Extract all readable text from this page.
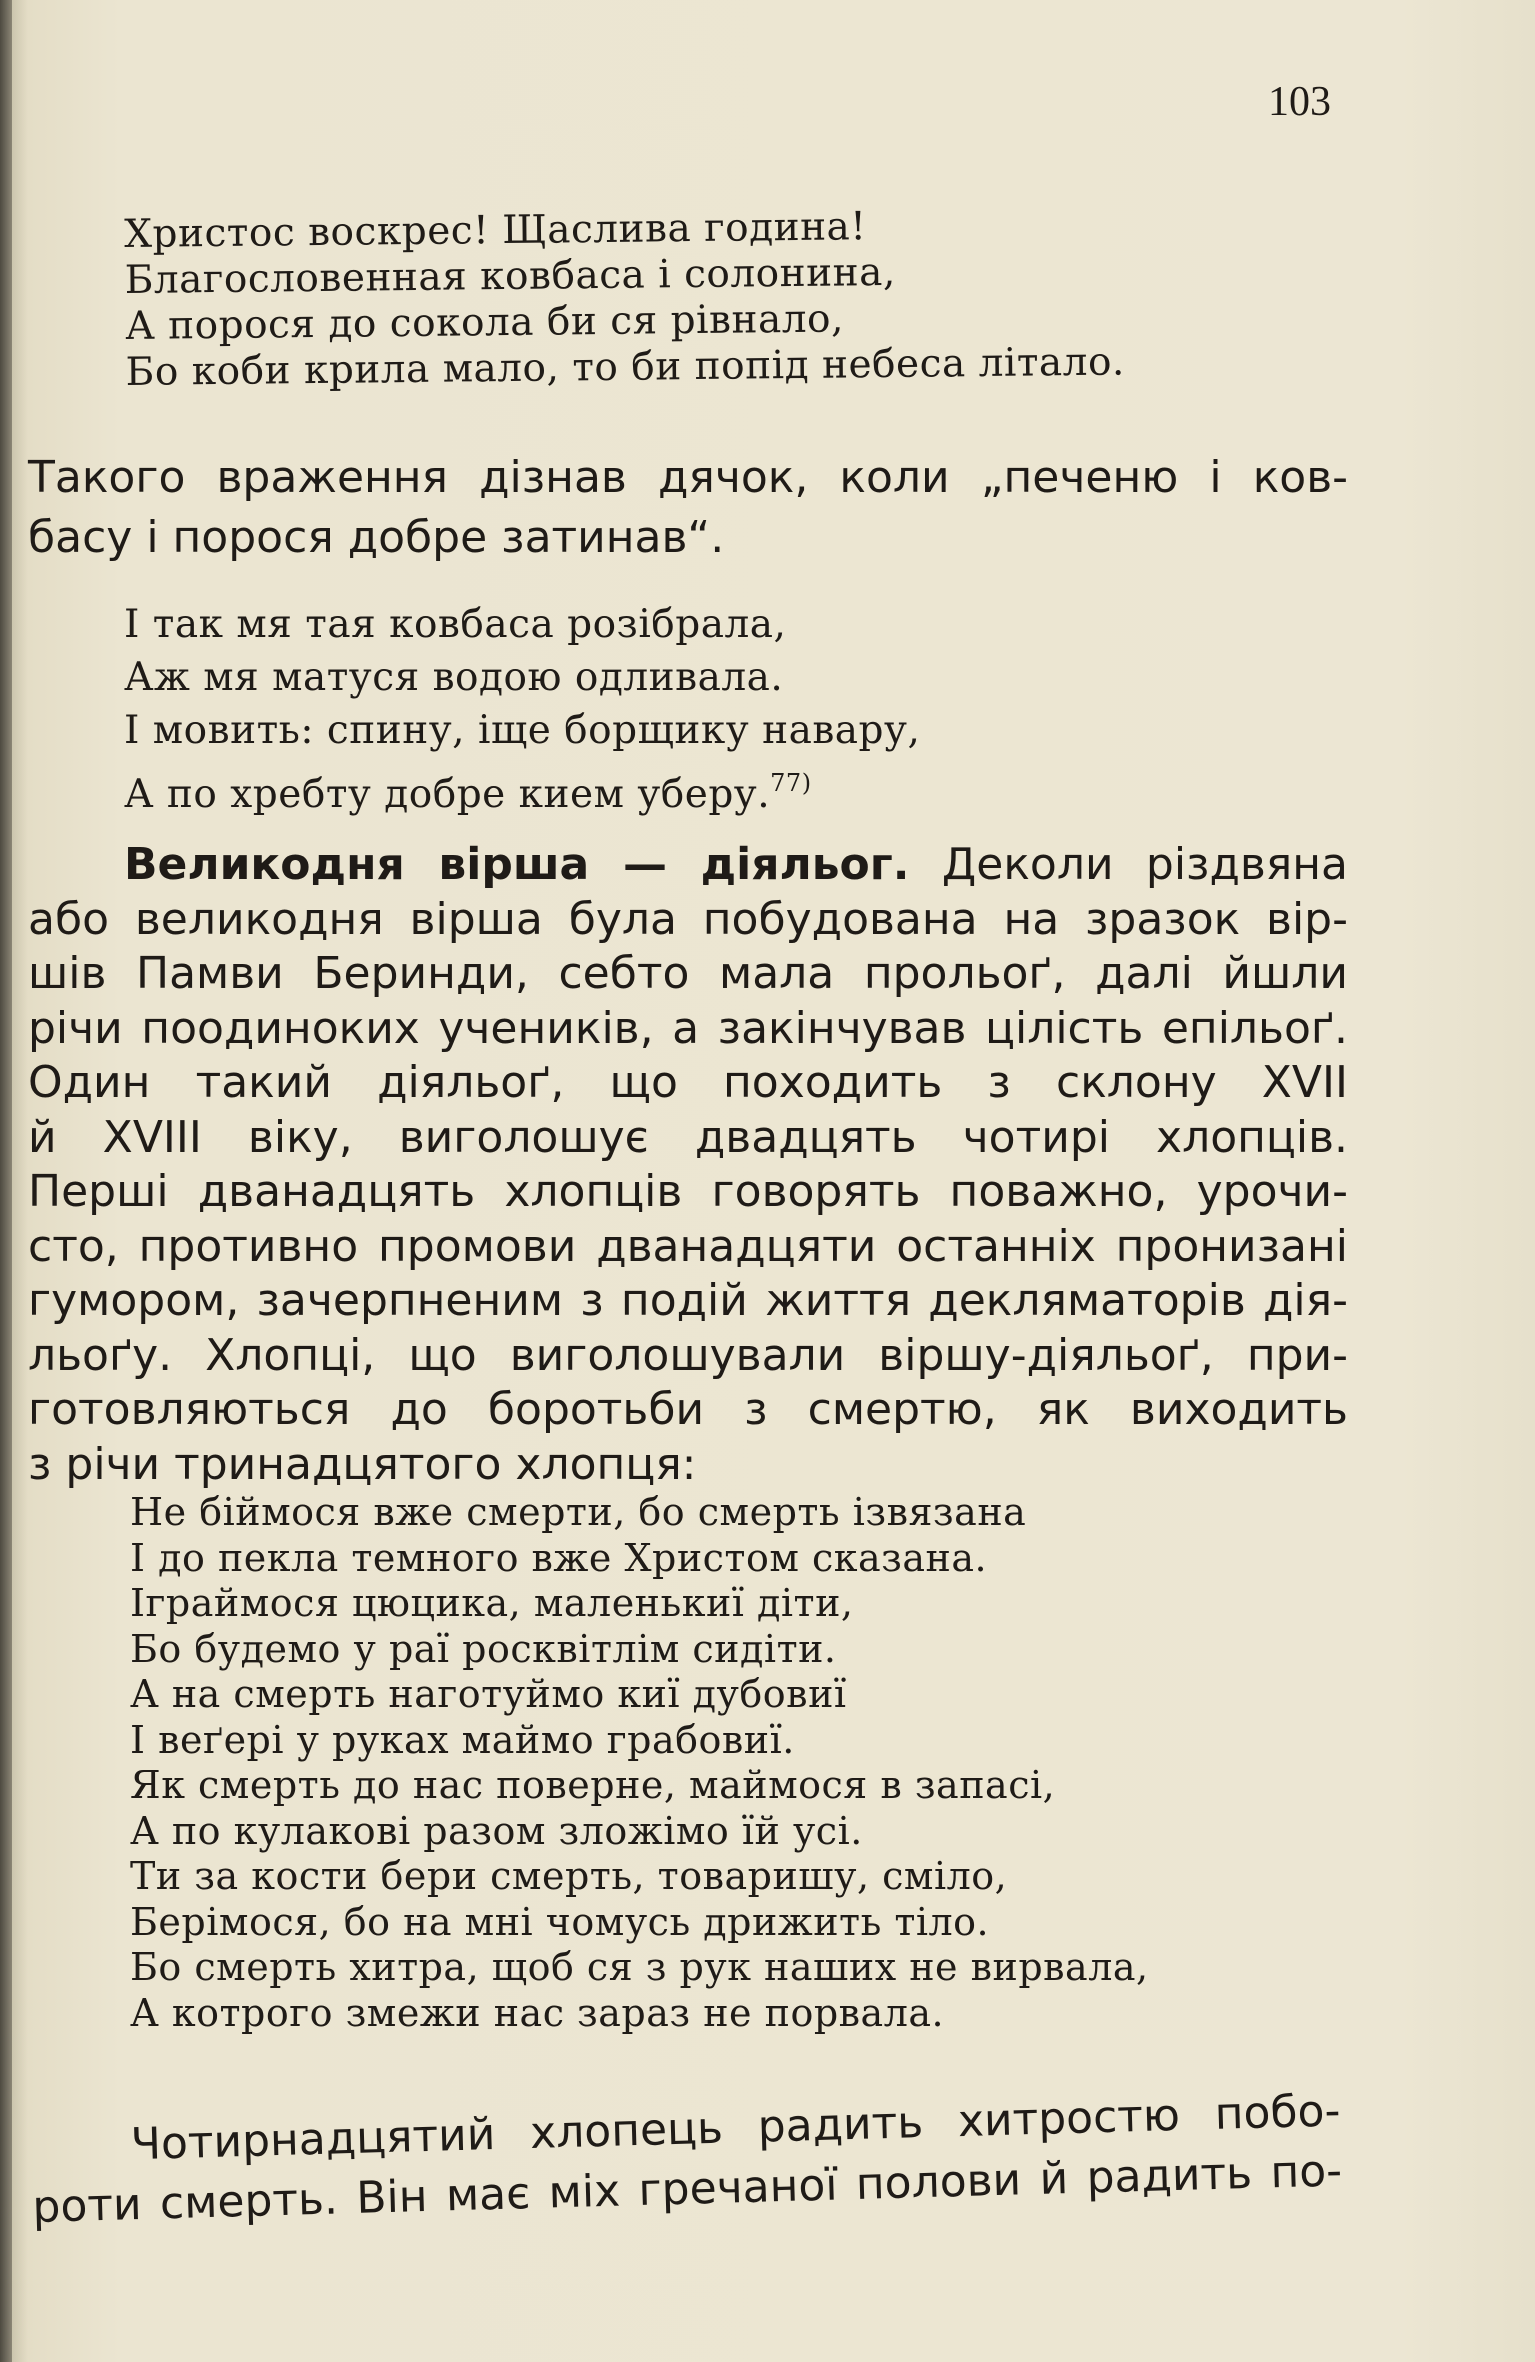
103
Христос воскрес! Щаслива година!
Благословенная ковбаса і солонина,
А порося до сокола би ся рівнало,
Бо коби крила мало, то би попід небеса літало.
Такого враження дізнав дячок, коли „печеню і ков-
басу і порося добре затинав“.
І так мя тая ковбаса розібрала,
Аж мя матуся водою одливала.
І мовить: спину, іще борщику навару,
А по хребту добре кием уберу.$^{77)}$
Великодня вірша — діяльог. Деколи різдвяна
або великодня вірша була побудована на зразок вір-
шів Памви Беринди, себто мала прольоґ, далі йшли
річи поодиноких учеників, а закінчував цілість епільоґ.
Один такий діяльоґ, що походить з склону XVII
й XVIII віку, виголошує двадцять чотирі хлопців.
Перші дванадцять хлопців говорять поважно, урочи-
сто, противно промови дванадцяти останніх пронизані
гумором, зачерпненим з подій життя декляматорів дія-
льоґу. Хлопці, що виголошували віршу-діяльоґ, при-
готовляються до боротьби з смертю, як виходить
з річи тринадцятого хлопця:
Не біймося вже смерти, бо смерть ізвязана
І до пекла темного вже Христом сказана.
Іграймося цюцика, маленькиї діти,
Бо будемо у раї росквітлім сидіти.
А на смерть наготуймо киї дубовиї
І веґері у руках маймо грабовиї.
Як смерть до нас поверне, маймося в запасі,
А по кулакові разом зложімо їй усі.
Ти за кости бери смерть, товаришу, сміло,
Берімося, бо на мні чомусь дрижить тіло.
Бо смерть хитра, щоб ся з рук наших не вирвала,
А котрого змежи нас зараз не порвала.
Чотирнадцятий хлопець радить хитростю побо-
роти смерть. Він має міх гречаної полови й радить по-
